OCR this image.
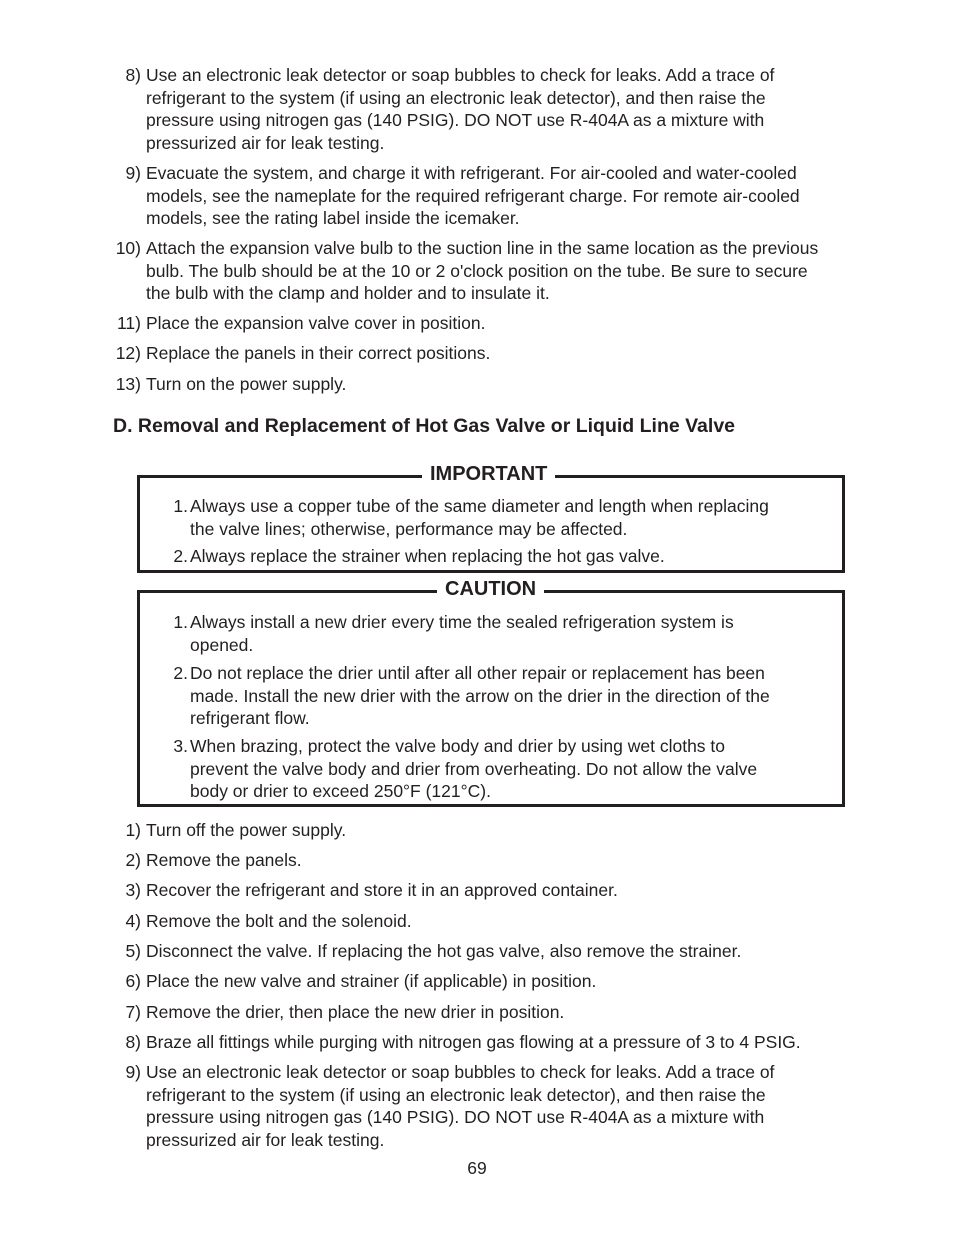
8) Use an electronic leak detector or soap bubbles to check for leaks. Add a trace of
refrigerant to the system (if using an electronic leak detector), and then raise the
pressure using nitrogen gas (140 PSIG). DO NOT use R-404A as a mixture with
pressurized air for leak testing.
9) Evacuate the system, and charge it with refrigerant. For air-cooled and water-cooled
models, see the nameplate for the required refrigerant charge. For remote air-cooled
models, see the rating label inside the icemaker.
10) Attach the expansion valve bulb to the suction line in the same location as the previous
bulb. The bulb should be at the 10 or 2 o'clock position on the tube. Be sure to secure
the bulb with the clamp and holder and to insulate it.
11) Place the expansion valve cover in position.
12) Replace the panels in their correct positions.
13) Turn on the power supply.
D. Removal and Replacement of Hot Gas Valve or Liquid Line Valve
IMPORTANT
1. Always use a copper tube of the same diameter and length when replacing
the valve lines; otherwise, performance may be affected.
2. Always replace the strainer when replacing the hot gas valve.
CAUTION
1. Always install a new drier every time the sealed refrigeration system is
opened.
2. Do not replace the drier until after all other repair or replacement has been
made. Install the new drier with the arrow on the drier in the direction of the
refrigerant flow.
3. When brazing, protect the valve body and drier by using wet cloths to
prevent the valve body and drier from overheating. Do not allow the valve
body or drier to exceed 250°F (121°C).
1) Turn off the power supply.
2) Remove the panels.
3) Recover the refrigerant and store it in an approved container.
4) Remove the bolt and the solenoid.
5) Disconnect the valve. If replacing the hot gas valve, also remove the strainer.
6) Place the new valve and strainer (if applicable) in position.
7) Remove the drier, then place the new drier in position.
8) Braze all fittings while purging with nitrogen gas flowing at a pressure of 3 to 4 PSIG.
9) Use an electronic leak detector or soap bubbles to check for leaks. Add a trace of
refrigerant to the system (if using an electronic leak detector), and then raise the
pressure using nitrogen gas (140 PSIG). DO NOT use R-404A as a mixture with
pressurized air for leak testing.
69
